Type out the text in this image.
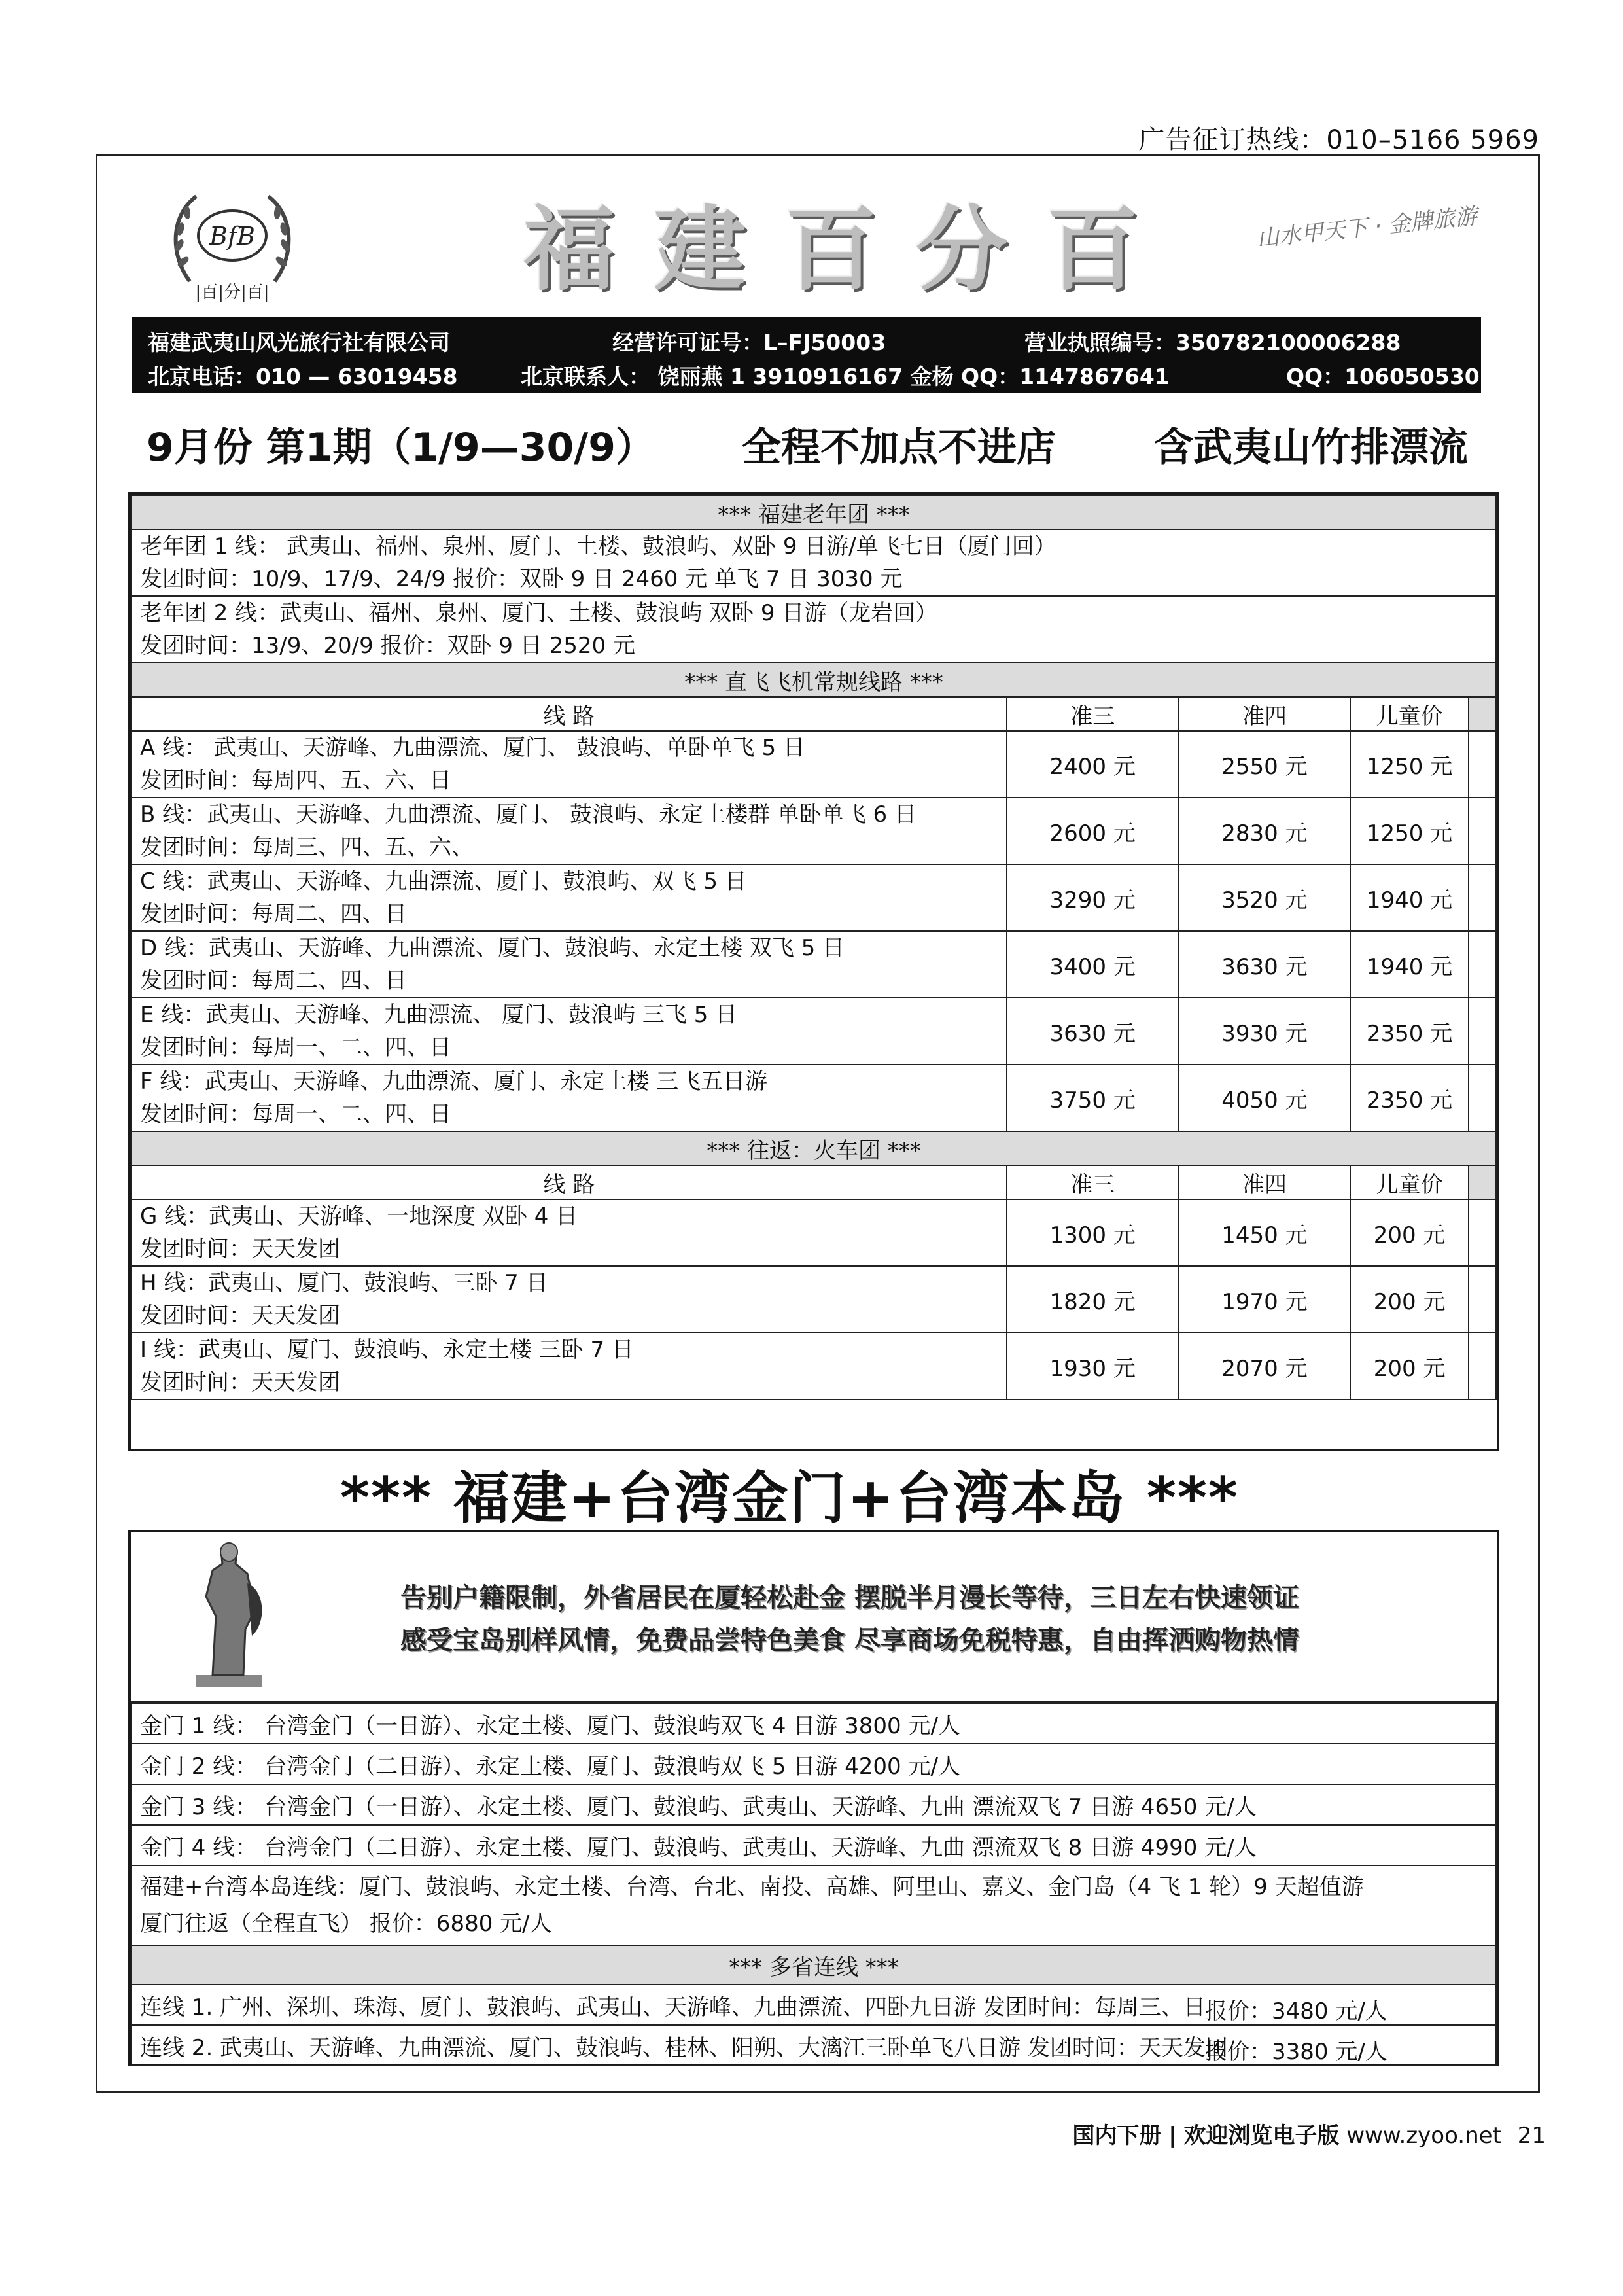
广告征订热线：010–5166 5969
BfB
|百|分|百|	福建百分百	山水甲天下 · 金牌旅游
福建武夷山风光旅行社有限公司	经营许可证号：L–FJ50003	营业执照编号：350782100006288
北京电话：010 — 63019458	北京联系人： 饶丽燕 1 3910916167 金杨 QQ：1147867641	QQ：1060505302
9月份 第1期（1/9—30/9） 全程不加点不进店	含武夷山竹排漂流
*** 福建老年团 ***				

老年团 1 线： 武夷山、福州、泉州、厦门、土楼、鼓浪屿、双卧 9 日游/单飞七日（厦门回）
发团时间：10/9、17/9、24/9 报价：双卧 9 日 2460 元 单飞 7 日 3030 元				

老年团 2 线：武夷山、福州、泉州、厦门、土楼、鼓浪屿 双卧 9 日游（龙岩回）
发团时间：13/9、20/9 报价：双卧 9 日 2520 元				

*** 直飞飞机常规线路 ***				
线 路	准三	准四	儿童价	

A 线： 武夷山、天游峰、九曲漂流、厦门、 鼓浪屿、单卧单飞 5 日
发团时间：每周四、五、六、日	2400 元	2550 元	1250 元	

B 线：武夷山、天游峰、九曲漂流、厦门、 鼓浪屿、永定土楼群 单卧单飞 6 日
发团时间：每周三、四、五、六、	2600 元	2830 元	1250 元	

C 线：武夷山、天游峰、九曲漂流、厦门、鼓浪屿、双飞 5 日
发团时间：每周二、四、日	3290 元	3520 元	1940 元	

D 线：武夷山、天游峰、九曲漂流、厦门、鼓浪屿、永定土楼 双飞 5 日
发团时间：每周二、四、日	3400 元	3630 元	1940 元	

E 线：武夷山、天游峰、九曲漂流、 厦门、鼓浪屿 三飞 5 日
发团时间：每周一、二、四、日	3630 元	3930 元	2350 元	

F 线：武夷山、天游峰、九曲漂流、厦门、永定土楼 三飞五日游
发团时间：每周一、二、四、日	3750 元	4050 元	2350 元	
*** 往返：火车团 ***				
线 路	准三	准四	儿童价	

G 线：武夷山、天游峰、一地深度 双卧 4 日
发团时间：天天发团	1300 元	1450 元	200 元	

H 线：武夷山、厦门、鼓浪屿、三卧 7 日
发团时间：天天发团	1820 元	1970 元	200 元	

I 线：武夷山、厦门、鼓浪屿、永定土楼 三卧 7 日
发团时间：天天发团	1930 元	2070 元	200 元	
*** 福建+台湾金门+台湾本岛 ***
金门 1 线： 台湾金门（一日游）、永定土楼、厦门、鼓浪屿双飞 4 日游 3800 元/人
金门 2 线： 台湾金门（二日游）、永定土楼、厦门、鼓浪屿双飞 5 日游 4200 元/人
金门 3 线： 台湾金门（一日游）、永定土楼、厦门、鼓浪屿、武夷山、天游峰、九曲 漂流双飞 7 日游 4650 元/人
金门 4 线： 台湾金门（二日游）、永定土楼、厦门、鼓浪屿、武夷山、天游峰、九曲 漂流双飞 8 日游 4990 元/人

福建+台湾本岛连线：厦门、鼓浪屿、永定土楼、台湾、台北、南投、高雄、阿里山、嘉义、金门岛（4 飞 1 轮）9 天超值游
厦门往返（全程直飞） 报价：6880 元/人

*** 多省连线 ***
连线 1. 广州、深圳、珠海、厦门、鼓浪屿、武夷山、天游峰、九曲漂流、四卧九日游 发团时间：每周三、日 报价：3480 元/人

连线 2. 武夷山、天游峰、九曲漂流、厦门、鼓浪屿、桂林、阳朔、大漓江三卧单飞八日游 发团时间：天天发团
报价：3380 元/人
告别户籍限制，外省居民在厦轻松赴金 摆脱半月漫长等待，三日左右快速领证
感受宝岛别样风情，免费品尝特色美食 尽享商场免税特惠，自由挥洒购物热情
国内下册 | 欢迎浏览电子版 www.zyoo.net 21
